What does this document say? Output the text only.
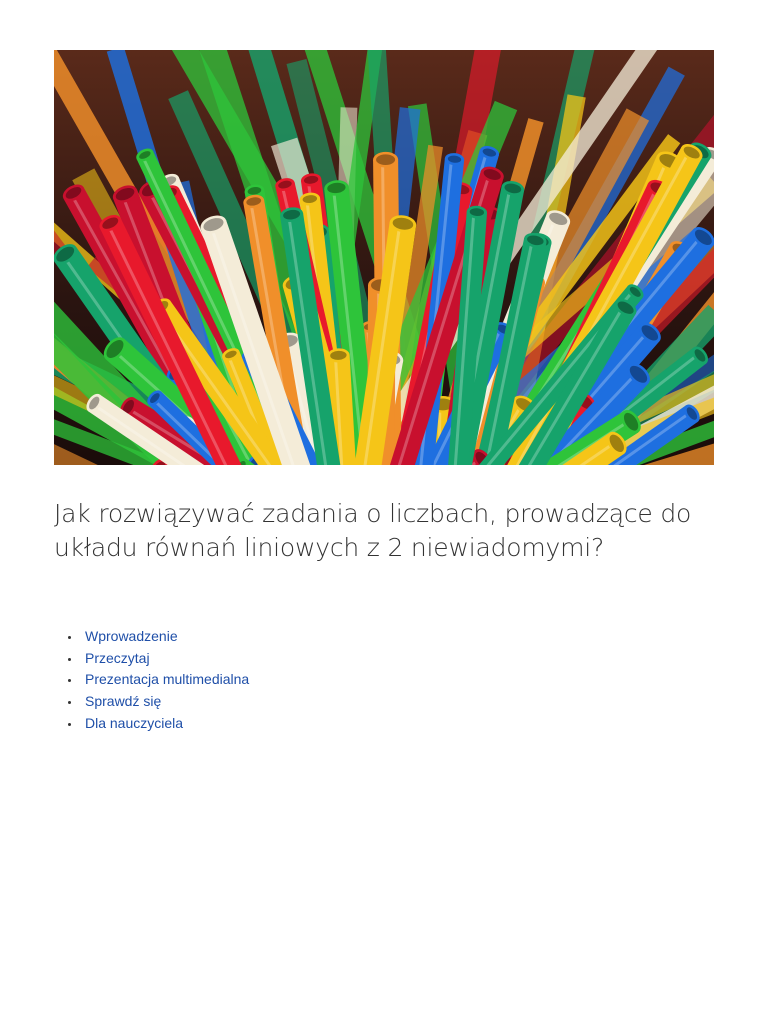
Jak rozwiązywać zadania o liczbach, prowadzące do układu równań liniowych z 2 niewiadomymi?
Wprowadzenie
Przeczytaj
Prezentacja multimedialna
Sprawdź się
Dla nauczyciela
